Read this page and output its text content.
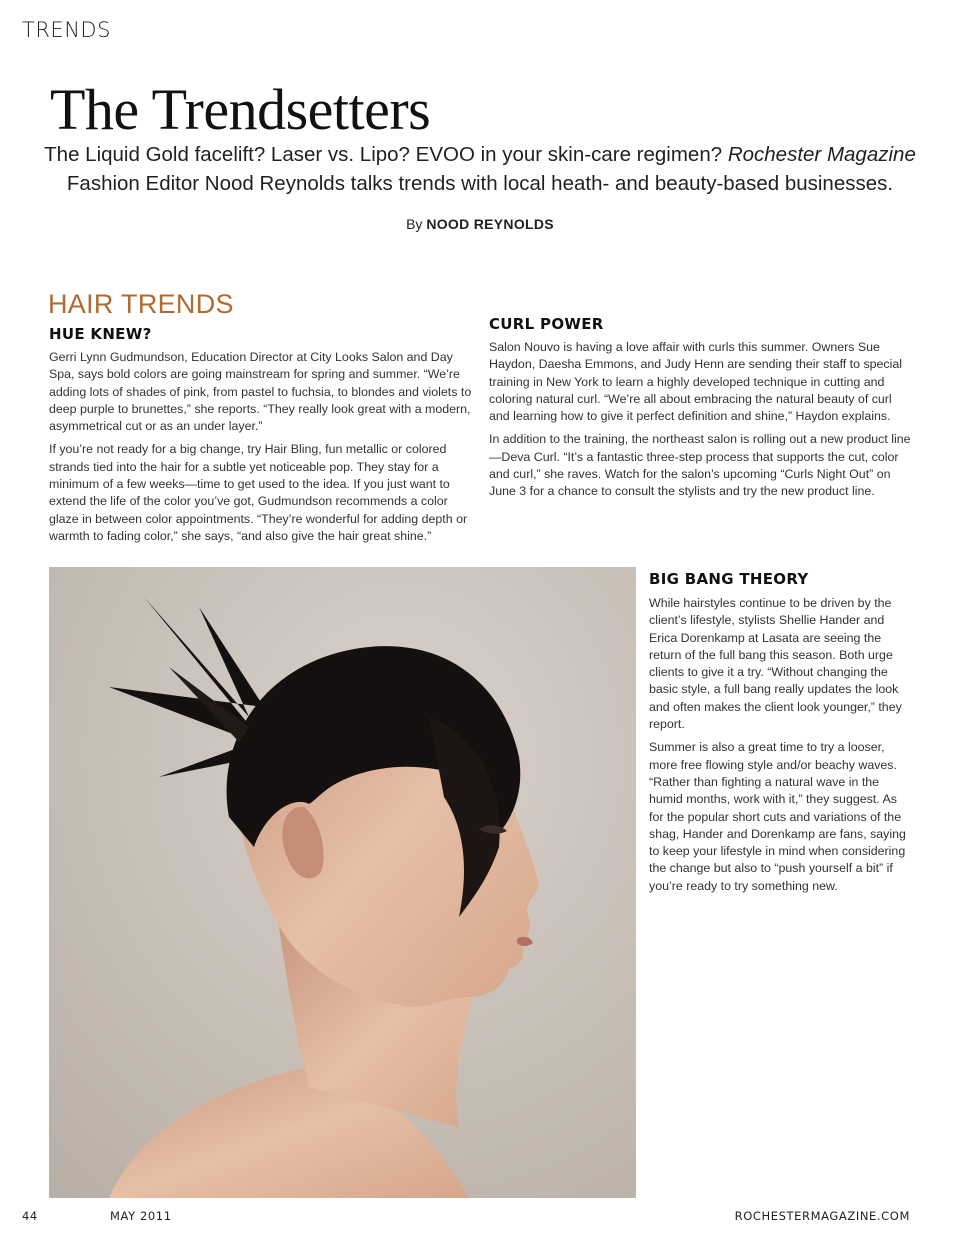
TRENDS
The Trendsetters
The Liquid Gold facelift? Laser vs. Lipo? EVOO in your skin-care regimen? Rochester Magazine Fashion Editor Nood Reynolds talks trends with local heath- and beauty-based businesses.
By NOOD REYNOLDS
HAIR TRENDS
HUE KNEW?

Gerri Lynn Gudmundson, Education Director at City Looks Salon and Day Spa, says bold colors are going mainstream for spring and summer. “We’re adding lots of shades of pink, from pastel to fuchsia, to blondes and violets to deep purple to brunettes,” she reports. “They really look great with a modern, asymmetrical cut or as an under layer.”

If you’re not ready for a big change, try Hair Bling, fun metallic or colored strands tied into the hair for a subtle yet noticeable pop. They stay for a minimum of a few weeks—time to get used to the idea. If you just want to extend the life of the color you’ve got, Gudmundson recommends a color glaze in between color appointments. “They’re wonderful for adding depth or warmth to fading color,” she says, “and also give the hair great shine.”

CURL POWER

Salon Nouvo is having a love affair with curls this summer. Owners Sue Haydon, Daesha Emmons, and Judy Henn are sending their staff to special training in New York to learn a highly developed technique in cutting and coloring natural curl. “We’re all about embracing the natural beauty of curl and learning how to give it perfect definition and shine,” Haydon explains.

In addition to the training, the northeast salon is rolling out a new product line—Deva Curl. “It’s a fantastic three-step process that supports the cut, color and curl,” she raves. Watch for the salon’s upcoming “Curls Night Out” on June 3 for a chance to consult the stylists and try the new product line.

BIG BANG THEORY

While hairstyles continue to be driven by the client’s lifestyle, stylists Shellie Hander and Erica Dorenkamp at Lasata are seeing the return of the full bang this season. Both urge clients to give it a try. “Without changing the basic style, a full bang really updates the look and often makes the client look younger,” they report.

Summer is also a great time to try a looser, more free flowing style and/or beachy waves. “Rather than fighting a natural wave in the humid months, work with it,” they suggest. As for the popular short cuts and variations of the shag, Hander and Dorenkamp are fans, saying to keep your lifestyle in mind when considering the change but also to “push yourself a bit” if you’re ready to try something new.

44	MAY 2011	ROCHESTERMAGAZINE.COM
